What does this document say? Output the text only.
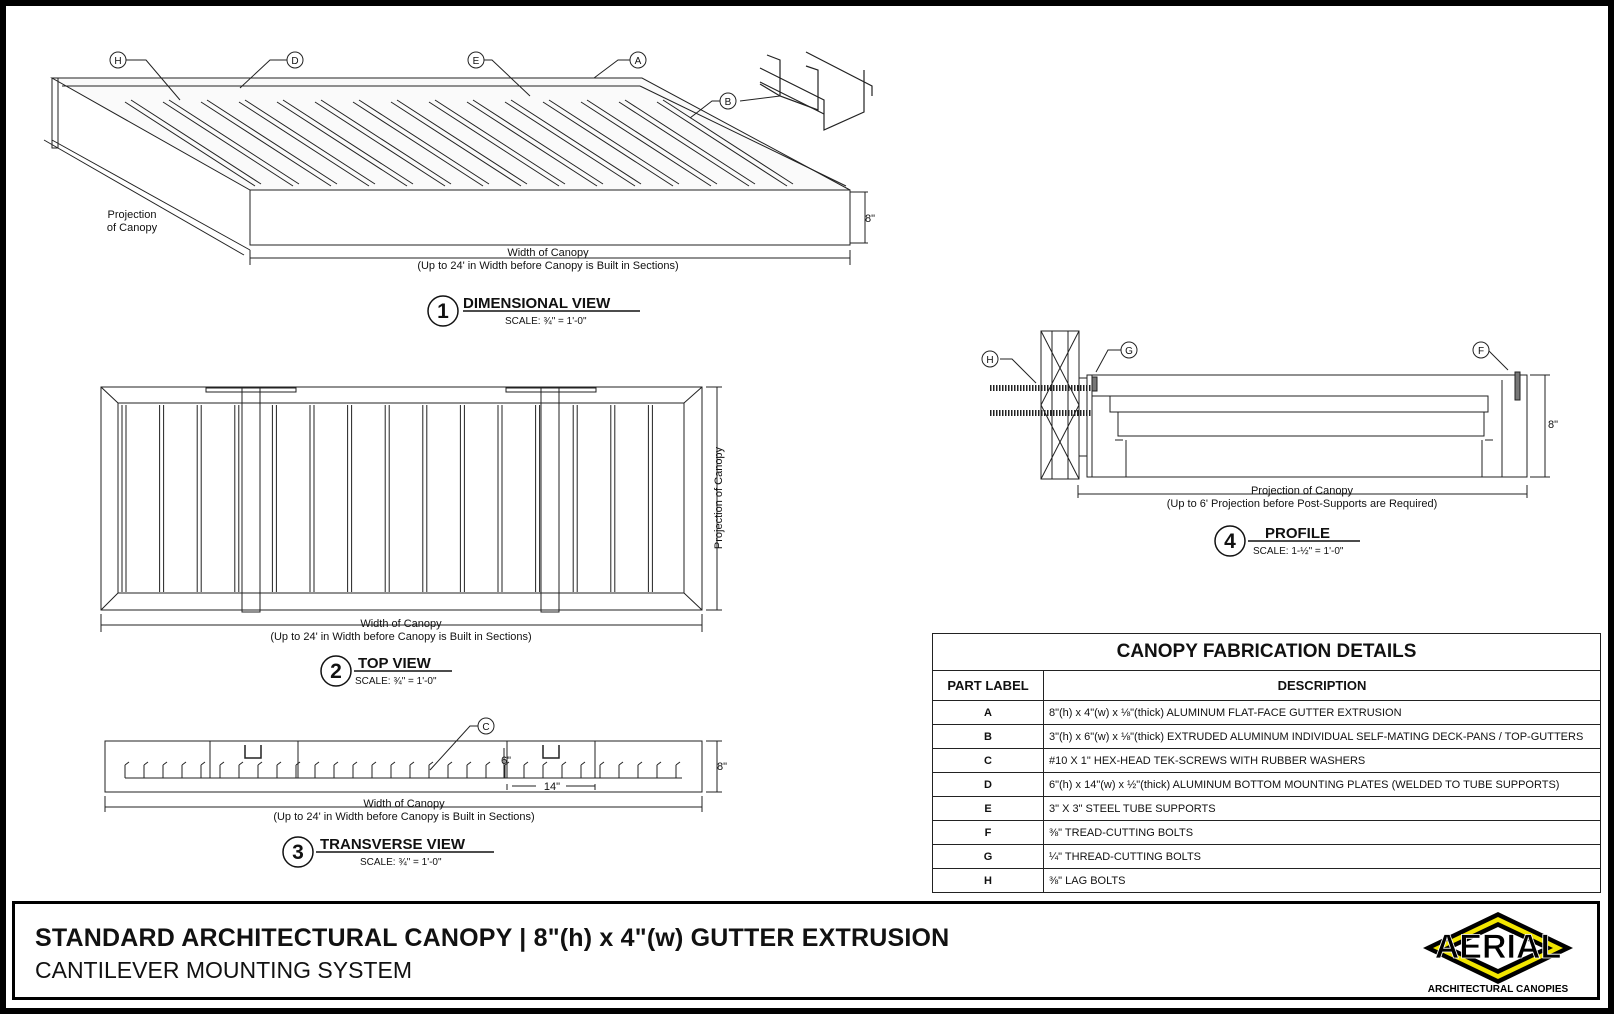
H	D	E	A
B
Projection
of Canopy
8"
Width of Canopy
(Up to 24' in Width before Canopy is Built in Sections)
1 DIMENSIONAL VIEW
SCALE: ¾" = 1'-0"
Width of Canopy
(Up to 24' in Width before Canopy is Built in Sections)
Projection of Canopy
2 TOP VIEW
SCALE: ¾" = 1'-0"
C
8"
6"
14"
Width of Canopy
(Up to 24' in Width before Canopy is Built in Sections)
3 TRANSVERSE VIEW
SCALE: ¾" = 1'-0"
H
G	F
8"
Projection of Canopy
(Up to 6' Projection before Post-Supports are Required)
4 PROFILE
SCALE: 1-½" = 1'-0"
CANOPY FABRICATION DETAILS	
PART LABEL	DESCRIPTION
A	8"(h) x 4"(w) x ⅛"(thick) ALUMINUM FLAT-FACE GUTTER EXTRUSION
B	3"(h) x 6"(w) x ⅛"(thick) EXTRUDED ALUMINUM INDIVIDUAL SELF-MATING DECK-PANS / TOP-GUTTERS
C	#10 X 1" HEX-HEAD TEK-SCREWS WITH RUBBER WASHERS
D	6"(h) x 14"(w) x ½"(thick) ALUMINUM BOTTOM MOUNTING PLATES (WELDED TO TUBE SUPPORTS)
E	3" X 3" STEEL TUBE SUPPORTS
F	⅜" TREAD-CUTTING BOLTS
G	¼" THREAD-CUTTING BOLTS
H	⅜" LAG BOLTS
STANDARD ARCHITECTURAL CANOPY | 8"(h) x 4"(w) GUTTER EXTRUSION
CANTILEVER MOUNTING SYSTEM
AERIAL
ARCHITECTURAL CANOPIES
